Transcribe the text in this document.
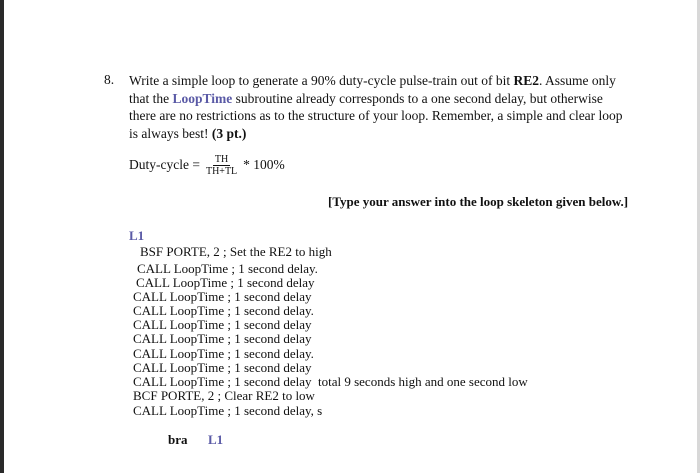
8. Write a simple loop to generate a 90% duty-cycle pulse-train out of bit RE2. Assume only that the LoopTime subroutine already corresponds to a one second delay, but otherwise there are no restrictions as to the structure of your loop. Remember, a simple and clear loop is always best! (3 pt.)
Duty-cycle = $\frac{TH}{TH+TL} * 100\%$
[Type your answer into the loop skeleton given below.]
L1
BSF PORTE, 2 ; Set the RE2 to high
CALL LoopTime ; 1 second delay.
CALL LoopTime ; 1 second delay
CALL LoopTime ; 1 second delay
CALL LoopTime ; 1 second delay.
CALL LoopTime ; 1 second delay
CALL LoopTime ; 1 second delay
CALL LoopTime ; 1 second delay.
CALL LoopTime ; 1 second delay
CALL LoopTime ; 1 second delay  total 9 seconds high and one second low
BCF PORTE, 2 ; Clear RE2 to low
CALL LoopTime ; 1 second delay, s
bra L1
